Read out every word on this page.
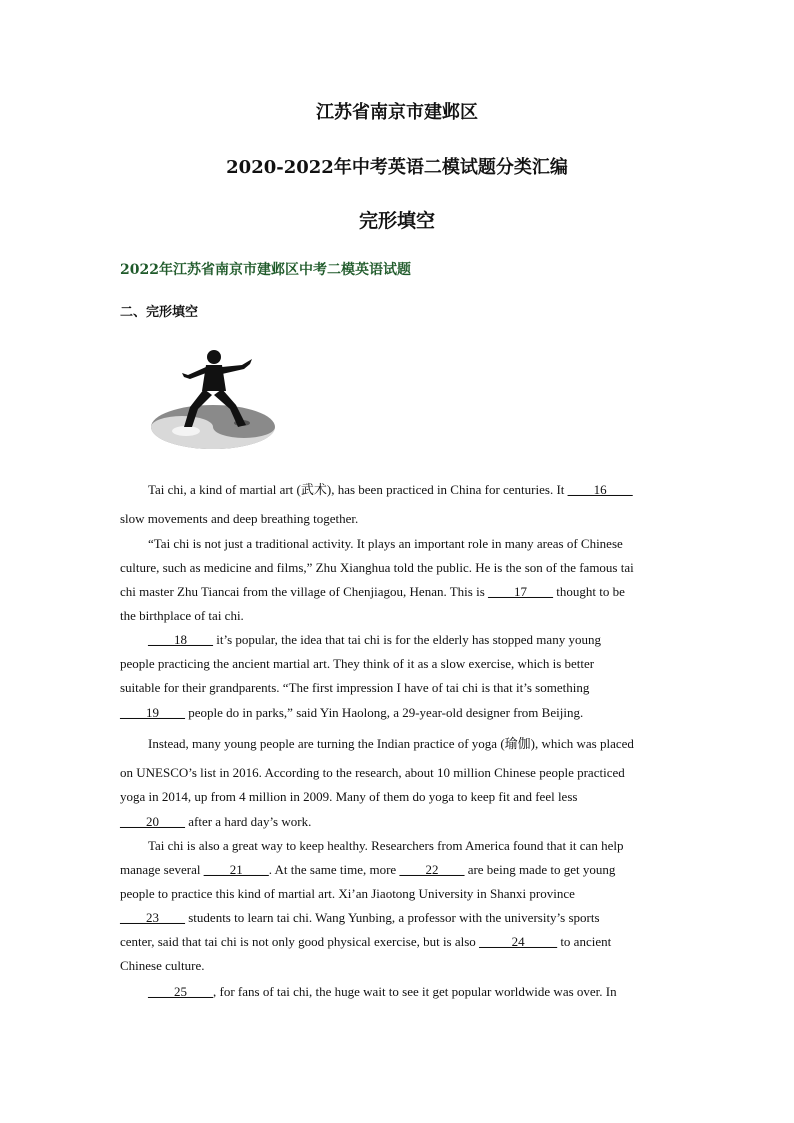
江苏省南京市建邺区
2020-2022年中考英语二模试题分类汇编
完形填空
2022年江苏省南京市建邺区中考二模英语试题
二、完形填空
Tai chi, a kind of martial art (武术), has been practiced in China for centuries. It ____16____
slow movements and deep breathing together.
“Tai chi is not just a traditional activity. It plays an important role in many areas of Chinese
culture, such as medicine and films,” Zhu Xianghua told the public. He is the son of the famous tai
chi master Zhu Tiancai from the village of Chenjiagou, Henan. This is ____17____ thought to be
the birthplace of tai chi.
____18____ it’s popular, the idea that tai chi is for the elderly has stopped many young
people practicing the ancient martial art. They think of it as a slow exercise, which is better
suitable for their grandparents. “The first impression I have of tai chi is that it’s something
____19____ people do in parks,” said Yin Haolong, a 29-year-old designer from Beijing.
Instead, many young people are turning the Indian practice of yoga (瑜伽), which was placed
on UNESCO’s list in 2016. According to the research, about 10 million Chinese people practiced
yoga in 2014, up from 4 million in 2009. Many of them do yoga to keep fit and feel less
____20____ after a hard day’s work.
Tai chi is also a great way to keep healthy. Researchers from America found that it can help
manage several ____21____. At the same time, more ____22____ are being made to get young
people to practice this kind of martial art. Xi’an Jiaotong University in Shanxi province
____23____ students to learn tai chi. Wang Yunbing, a professor with the university’s sports
center, said that tai chi is not only good physical exercise, but is also _____24_____ to ancient
Chinese culture.
____25____, for fans of tai chi, the huge wait to see it get popular worldwide was over. In
